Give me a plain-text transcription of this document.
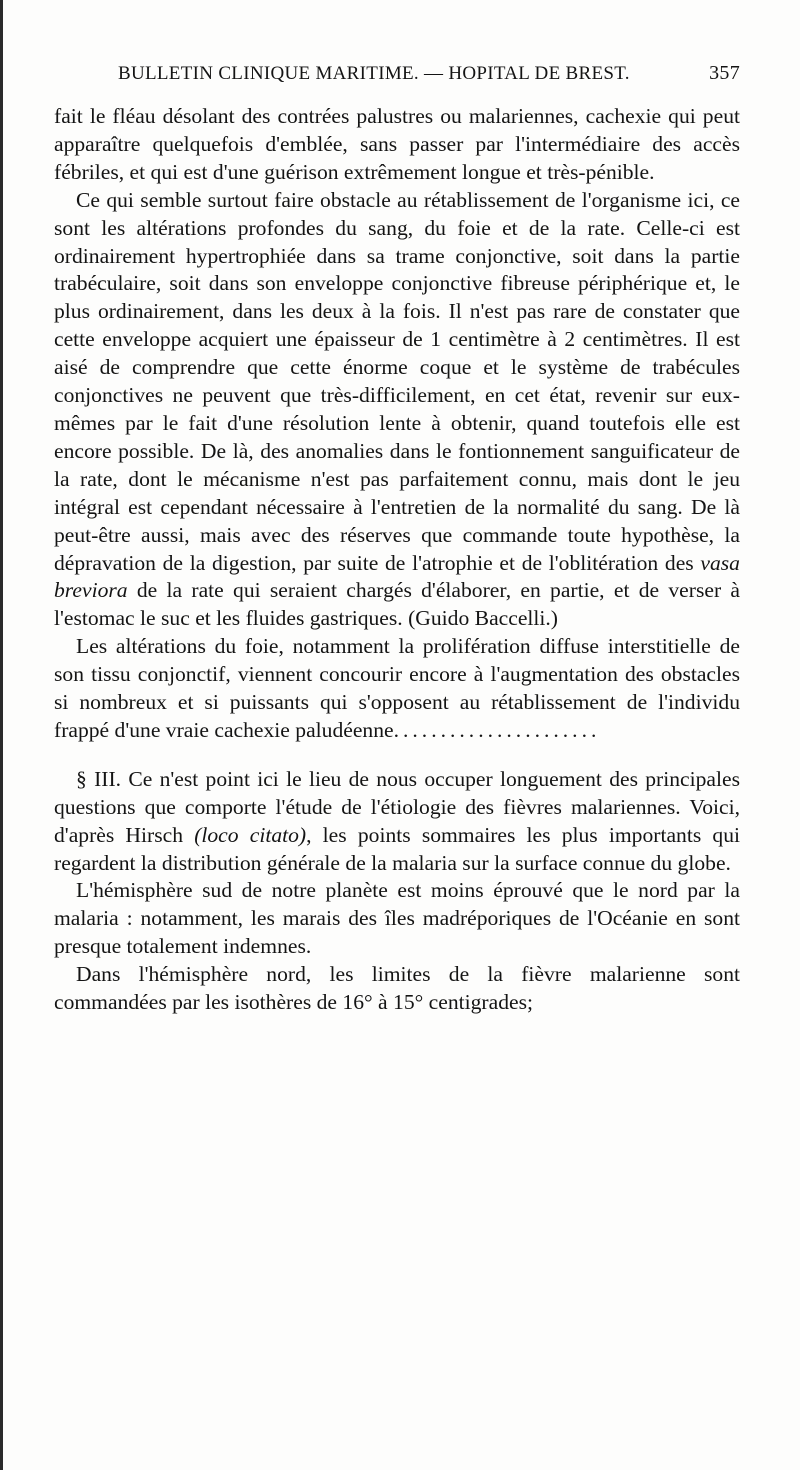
BULLETIN CLINIQUE MARITIME. — HOPITAL DE BREST.	357

fait le fléau désolant des contrées palustres ou malariennes, cachexie qui peut apparaître quelquefois d'emblée, sans passer par l'intermédiaire des accès fébriles, et qui est d'une guérison extrêmement longue et très-pénible.

Ce qui semble surtout faire obstacle au rétablissement de l'organisme ici, ce sont les altérations profondes du sang, du foie et de la rate. Celle-ci est ordinairement hypertrophiée dans sa trame conjonctive, soit dans la partie trabéculaire, soit dans son enveloppe conjonctive fibreuse périphérique et, le plus ordinairement, dans les deux à la fois. Il n'est pas rare de constater que cette enveloppe acquiert une épaisseur de 1 centimètre à 2 centimètres. Il est aisé de comprendre que cette énorme coque et le système de trabécules conjonctives ne peuvent que très-difficilement, en cet état, revenir sur eux-mêmes par le fait d'une résolution lente à obtenir, quand toutefois elle est encore possible. De là, des anomalies dans le fontionnement sanguificateur de la rate, dont le mécanisme n'est pas parfaitement connu, mais dont le jeu intégral est cependant nécessaire à l'entretien de la normalité du sang. De là peut-être aussi, mais avec des réserves que commande toute hypothèse, la dépravation de la digestion, par suite de l'atrophie et de l'oblitération des vasa breviora de la rate qui seraient chargés d'élaborer, en partie, et de verser à l'estomac le suc et les fluides gastriques. (Guido Baccelli.)

Les altérations du foie, notamment la prolifération diffuse interstitielle de son tissu conjonctif, viennent concourir encore à l'augmentation des obstacles si nombreux et si puissants qui s'opposent au rétablissement de l'individu frappé d'une vraie cachexie paludéenne......................

§ III. Ce n'est point ici le lieu de nous occuper longuement des principales questions que comporte l'étude de l'étiologie des fièvres malariennes. Voici, d'après Hirsch (loco citato), les points sommaires les plus importants qui regardent la distribution générale de la malaria sur la surface connue du globe.

L'hémisphère sud de notre planète est moins éprouvé que le nord par la malaria : notamment, les marais des îles madréporiques de l'Océanie en sont presque totalement indemnes.

Dans l'hémisphère nord, les limites de la fièvre malarienne sont commandées par les isothères de 16° à 15° centigrades;
